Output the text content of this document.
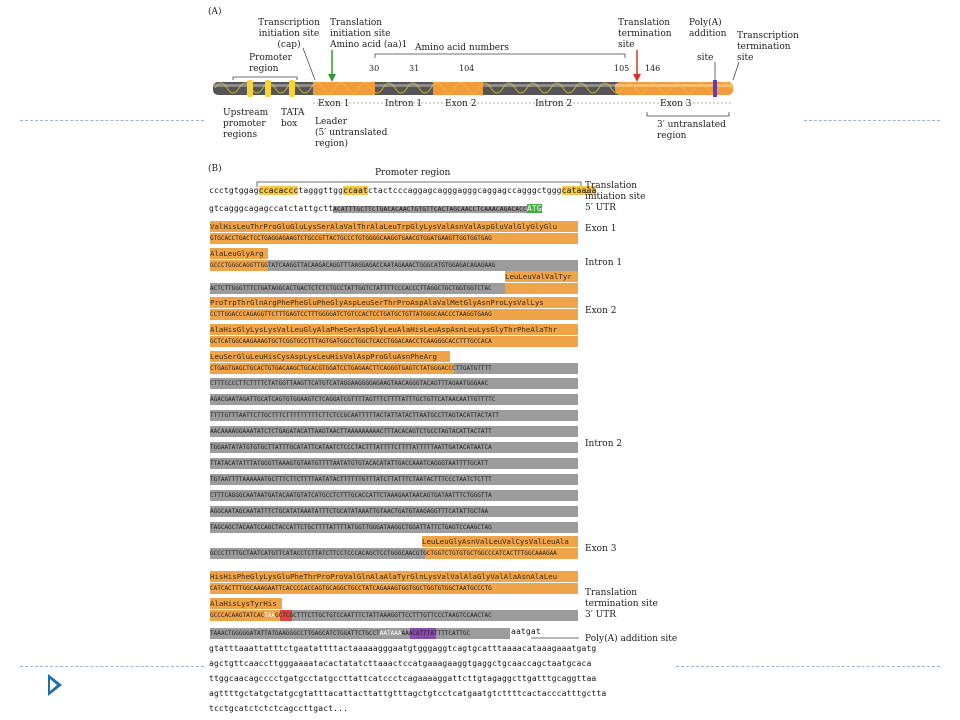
(A)
Transcription
initiation site
(cap)
Translation
initiation site
Amino acid (aa)1 Amino acid numbers
Translation
termination
site
Poly(A)
addition
site
Transcription
termination
site
Promoter
region	30	31	104	105 146
Exon 1	Intron 1	Exon 2	Intron 2	Exon 3
Upstream
promoter
regions
TATA
box Leader
(5′ untranslated
region)
3′ untranslated
region
(B)	Promoter region
ccctgtggagccacaccctagggttggccaatctactcccaggagcagggagggcaggagccagggctgggcataaaa
Translation
initiation site
5′ UTR
gtcagggcagagccatctattgcttACATTTGCTTCTGACACAACTGTGTTCACTAGCAACCTCAAACAGACACCATG
ValHisLeuThrProGluGluLysSerAlaValThrAlaLeuTrpGlyLysValAsnValAspGluValGlyGlyGlu
GTGCACCTGACTCCTGAGGAGAAGTCTGCCGTTACTGCCCTGTGGGGCAAGGTGAACGTGGATGAAGTTGGTGGTGAG
Exon 1
AlaLeuGlyArg
GCCCTGGGCAGGTTGGTATCAAGGTTACAAGACAGGTTTAAGGAGACCAATAGAAACTGGGCATGTGGAGACAGAGAAG	Intron 1
LeuLeuValValTyr
ACTCTTGGGTTTCTGATAGGCACTGACTCTCTCTGCCTATTGGTCTATTTTCCCACCCTTAGGCTGCTGGTGGTCTAC
ProTrpThrGlnArgPhePheGluPheGlyAspLeuSerThrProAspAlaValMetGlyAsnProLysValLys
CCTTGGACCCAGAGGTTCTTTGAGTCCTTTGGGGATCTGTCCACTCCTGATGCTGTTATGGGCAACCCTAAGGTGAAG	Exon 2
AlaHisGlyLysLysValLeuGlyAlaPheSerAspGlyLeuAlaHisLeuAspAsnLeuLysGlyThrPheAlaThr
GCTCATGGCAAGAAAGTGCTCGGTGCCTTTAGTGATGGCCTGGCTCACCTGGACAACCTCAAGGGCACCTTTGCCACA
LeuSerGluLeuHisCysAspLysLeuHisValAspProGluAsnPheArg
CTGAGTGAGCTGCACTGTGACAAGCTGCACGTGGATCCTGAGAACTTCAGGGTGAGTCTATGGGACCCTTGATGTTTT
CTTTCCCCTTCTTTTCTATGGTTAAGTTCATGTCATAGGAAGGGGAGAAGTAACAGGGTACAGTTTAGAATGGGAAC
AGACGAATAGATTGCATCAGTGTGGAAGTCTCAGGATCGTTTTAGTTTCTTTTATTTGCTGTTCATAACAATTGTTTTC
TTTTGTTTAATTCTTGCTTTCTTTTTTTTTCTTCTCCGCAATTTTTACTATTATACTTAATGCCTTAGTACATTACTATT
AACAAAAGGAAATATCTCTGAGATACATTAAGTAACTTAAAAAAAAACTTTACACAGTCTGCCTAGTACATTACTATT
TGGAATATATGTGTGCTTATTTGCATATTCATAATCTCCCTACTTTATTTTCTTTTATTTTTAATTGATACATAATCA
TTATACATATTTATGGGTTAAAGTGTAATGTTTTAATATGTGTACACATATTGACCAAATCAGGGTAATTTTGCATT
TGTAATTTTAAAAAATGCTTTCTTCTTTTAATATACTTTTTTGTTTATCTTATTTCTAATACTTTCCCTAATCTCTTT
CTTTCAGGGCAATAATGATACAATGTATCATGCCTCTTTGCACCATTCTAAAGAATAACAGTGATAATTTCTGGGTTA
AGGCAATAGCAATATTTCTGCATATAAATATTTCTGCATATAAATTGTAACTGATGTAAGAGGTTTCATATTGCTAA
TAGCAGCTACAATCCAGCTACCATTCTGCTTTTATTTTATGGTTGGGATAAGGCTGGATTATTCTGAGTCCAAGCTAG
Intron 2
LeuLeuGlyAsnValLeuValCysValLeuAla
GCCCTTTTGCTAATCATGTTCATACCTCTTATCTTCCTCCCACAGCTCCTGGGCAACGTGCTGGTCTGTGTGCTGGCCCATCACTTTGGCAAAGAA	Exon 3
HisHisPheGlyLysGluPheThrProProValGlnAlaAlaTyrGlnLysValValAlaGlyValAlaAsnAlaLeu
CATCACTTTGGCAAAGAATTCACCCCACCAGTGCAGGCTGCCTATCAGAAAGTGGTGGCTGGTGTGGCTAATGCCCTG
AlaHisLysTyrHis
GCCCACAAGTATCACTAAGCTCGCTTTCTTGCTGTCCAATTTCTATTAAAGGTTCCTTTGTTCCCTAAGTCCAACTAC
Translation
termination site
3′ UTR
TAAACTGGGGGATATTATGAAGGGCCTTGAGCATCTGGATTCTGCCTAATAAAAAACATTTATTTTCATTGC	aatgat
Poly(A) addition site
gtatttaaattatttctgaatattttactaaaaagggaatgtgggaggtcagtgcatttaaaacataaagaaatgatg
agctgttcaaccttgggaaaatacactatatcttaaactccatgaaagaaggtgaggctgcaaccagctaatgcaca
ttggcaacagcccctgatgcctatgccttattcatccctcagaaaaggattcttgtagaggcttgatttgcaggttaa
agttttgctatgctatgcgtatttacattacttattgtttagctgtcctcatgaatgtcttttcactacccatttgctta
tcctgcatctctctcagccttgact...
